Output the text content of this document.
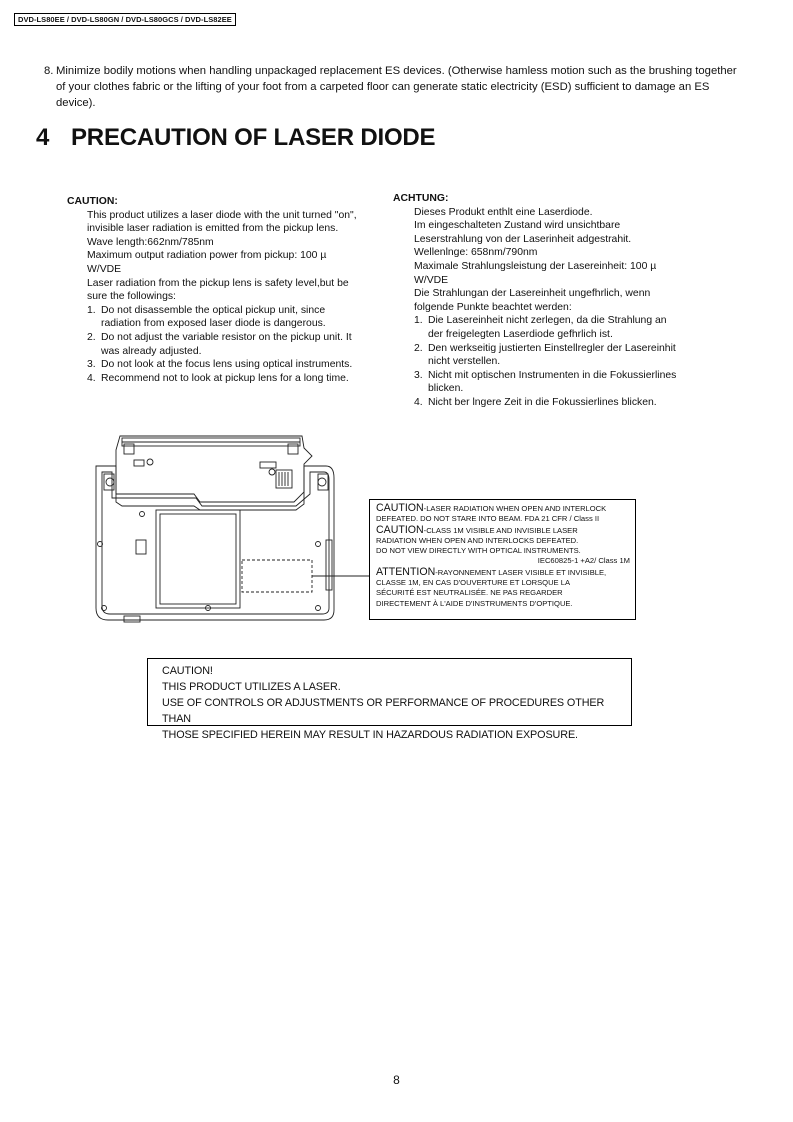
DVD-LS80EE / DVD-LS80GN / DVD-LS80GCS / DVD-LS82EE
8. Minimize bodily motions when handling unpackaged replacement ES devices. (Otherwise hamless motion such as the brushing together of your clothes fabric or the lifting of your foot from a carpeted floor can generate static electricity (ESD) sufficient to damage an ES device).
4 PRECAUTION OF LASER DIODE
CAUTION:
This product utilizes a laser diode with the unit turned "on",
invisible laser radiation is emitted from the pickup lens.
Wave length:662nm/785nm
Maximum output radiation power from pickup: 100 µ
W/VDE
Laser radiation from the pickup lens is safety level,but be
sure the followings:
1. Do not disassemble the optical pickup unit, since
radiation from exposed laser diode is dangerous.
2. Do not adjust the variable resistor on the pickup unit. It
was already adjusted.
3. Do not look at the focus lens using optical instruments.
4. Recommend not to look at pickup lens for a long time.
ACHTUNG:
Dieses Produkt enthlt eine Laserdiode.
Im eingeschalteten Zustand wird unsichtbare
Leserstrahlung von der Laserinheit adgestrahit.
Wellenlnge: 658nm/790nm
Maximale Strahlungsleistung der Lasereinheit: 100 µ
W/VDE
Die Strahlungan der Lasereinheit ungefhrlich, wenn
folgende Punkte beachtet werden:
1. Die Lasereinheit nicht zerlegen, da die Strahlung an
der freigelegten Laserdiode gefhrlich ist.
2. Den werkseitig justierten Einstellregler der Lasereinhit
nicht verstellen.
3. Nicht mit optischen Instrumenten in die Fokussierlines
blicken.
4. Nicht ber lngere Zeit in die Fokussierlines blicken.

CAUTION-LASER RADIATION WHEN OPEN AND INTERLOCK

DEFEATED. DO NOT STARE INTO BEAM. FDA 21 CFR / Class II

CAUTION-CLASS 1M VISIBLE AND INVISIBLE LASER

RADIATION WHEN OPEN AND INTERLOCKS DEFEATED.

DO NOT VIEW DIRECTLY WITH OPTICAL INSTRUMENTS.

IEC60825-1 +A2/ Class 1M

ATTENTION-RAYONNEMENT LASER VISIBLE ET INVISIBLE,

CLASSE 1M, EN CAS D'OUVERTURE ET LORSQUE LA

SÉCURITÉ EST NEUTRALISÉE. NE PAS REGARDER

DIRECTEMENT À L'AIDE D'INSTRUMENTS D'OPTIQUE.

CAUTION!

THIS PRODUCT UTILIZES A LASER.

USE OF CONTROLS OR ADJUSTMENTS OR PERFORMANCE OF PROCEDURES OTHER THAN

THOSE SPECIFIED HEREIN MAY RESULT IN HAZARDOUS RADIATION EXPOSURE.

8
